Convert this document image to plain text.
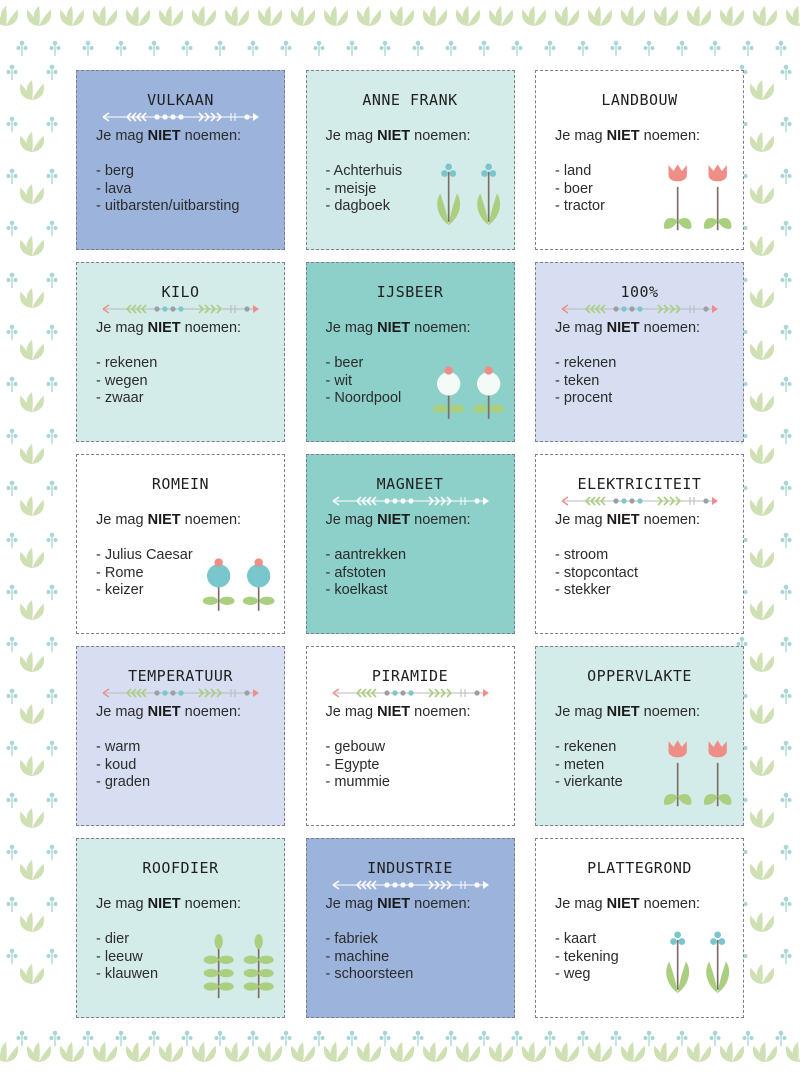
VULKAAN
Je mag NIET noemen:
- berg
- lava
- uitbarsten/uitbarsting
ANNE FRANK
Je mag NIET noemen:
- Achterhuis
- meisje
- dagboek
LANDBOUW
Je mag NIET noemen:
- land
- boer
- tractor
KILO
Je mag NIET noemen:
- rekenen
- wegen
- zwaar
IJSBEER
Je mag NIET noemen:
- beer
- wit
- Noordpool
100%
Je mag NIET noemen:
- rekenen
- teken
- procent
ROMEIN
Je mag NIET noemen:
- Julius Caesar
- Rome
- keizer
MAGNEET
Je mag NIET noemen:
- aantrekken
- afstoten
- koelkast
ELEKTRICITEIT
Je mag NIET noemen:
- stroom
- stopcontact
- stekker
TEMPERATUUR
Je mag NIET noemen:
- warm
- koud
- graden
PIRAMIDE
Je mag NIET noemen:
- gebouw
- Egypte
- mummie
OPPERVLAKTE
Je mag NIET noemen:
- rekenen
- meten
- vierkante
ROOFDIER
Je mag NIET noemen:
- dier
- leeuw
- klauwen
INDUSTRIE
Je mag NIET noemen:
- fabriek
- machine
- schoorsteen
PLATTEGROND
Je mag NIET noemen:
- kaart
- tekening
- weg
